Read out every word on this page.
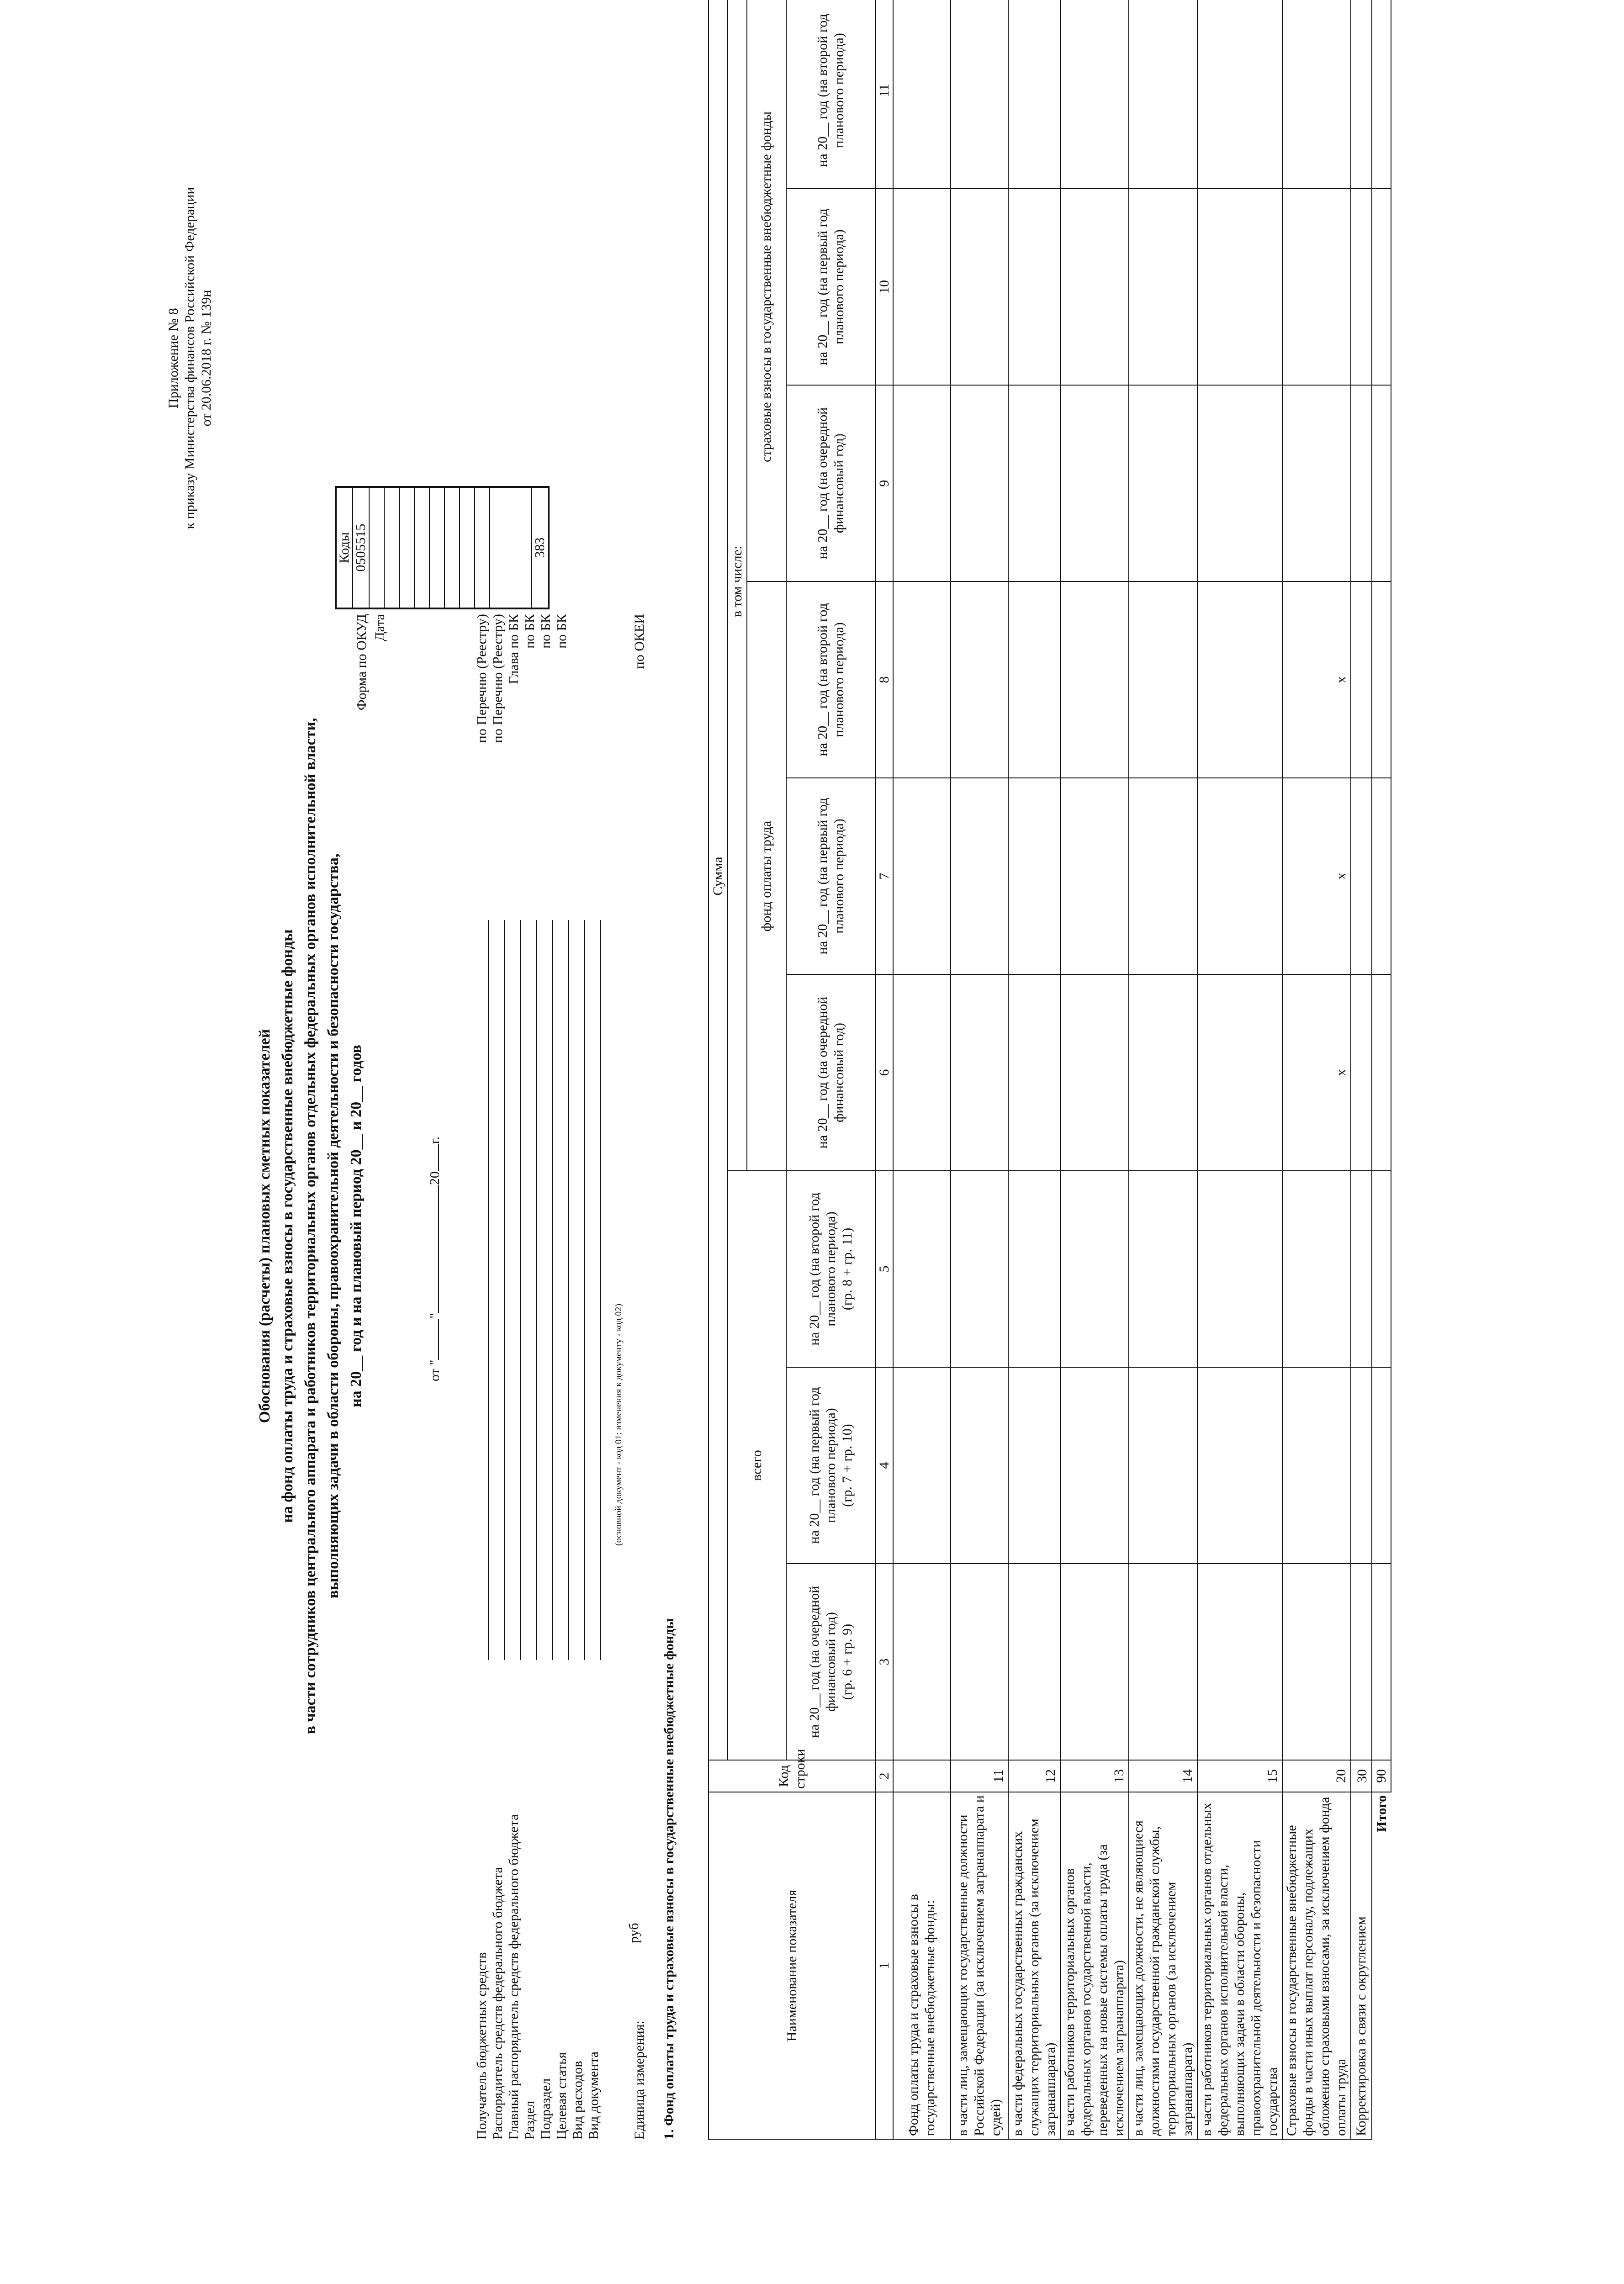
Приложение № 8 к приказу Министерства финансов Российской Федерации от 20.06.2018 г. № 139н
Обоснования (расчеты) плановых сметных показателей на фонд оплаты труда и страховые взносы в государственные внебюджетные фонды в части сотрудников центрального аппарата и работников территориальных органов отдельных федеральных органов исполнительной власти, выполняющих задачи в области обороны, правоохранительной деятельности и безопасности государства, на 20__ год и на плановый период 20__ и 20__ годов	от ""20г.
Форма по ОКУД Дата
Коды
0505515

383
Получатель бюджетных средств
по Перечню (Реестру)
Распорядитель средств федерального бюджета
по Перечню (Реестру)
Главный распорядитель средств федерального бюджета
Глава по БК
Раздел
по БК
Подраздел
по БК
Целевая статья
по БК
Вид расходов Вид документа
(основной документ - код 01; изменения к документу - код 02)
Единица измерения:
руб
по ОКЕИ
1. Фонд оплаты труда и страховые взносы в государственные внебюджетные фонды	Наименование показателя	Код строки	Сумма								
		всего			в том числе:					
					фонд оплаты труда			страховые взносы в государственные внебюджетные фонды		
		на 20__ год (на очередной финансовый год) (гр. 6 + гр. 9)	на 20__ год (на первый год планового периода) (гр. 7 + гр. 10)	на 20__ год (на второй год планового периода) (гр. 8 + гр. 11)	на 20__ год (на очередной финансовый год)	на 20__ год (на первый год планового периода)	на 20__ год (на второй год планового периода)	на 20__ год (на очередной финансовый год)	на 20__ год (на первый год планового периода)	на 20__ год (на второй год планового периода)
1	2	3	4	5	6	7	8	9	10	11
Фонд оплаты труда и страховые взносы в государственные внебюджетные фонды:										
в части лиц, замещающих государственные должности Российской Федерации (за исключением загранаппарата и судей)	11									
в части федеральных государственных гражданских служащих территориальных органов (за исключением загранаппарата)	12									
в части работников территориальных органов федеральных органов государственной власти, переведенных на новые системы оплаты труда (за исключением загранаппарата)	13									
в части лиц, замещающих должности, не являющиеся должностями государственной гражданской службы, территориальных органов (за исключением загранаппарата)	14									
в части работников территориальных органов отдельных федеральных органов исполнительной власти, выполняющих задачи в области обороны, правоохранительной деятельности и безопасности государства	15									
Страховые взносы в государственные внебюджетные фонды в части иных выплат персоналу, подлежащих обложению страховыми взносами, за исключением фонда оплаты труда	20				x	x	x			
Корректировка в связи с округлением	30									
Итого	90									
